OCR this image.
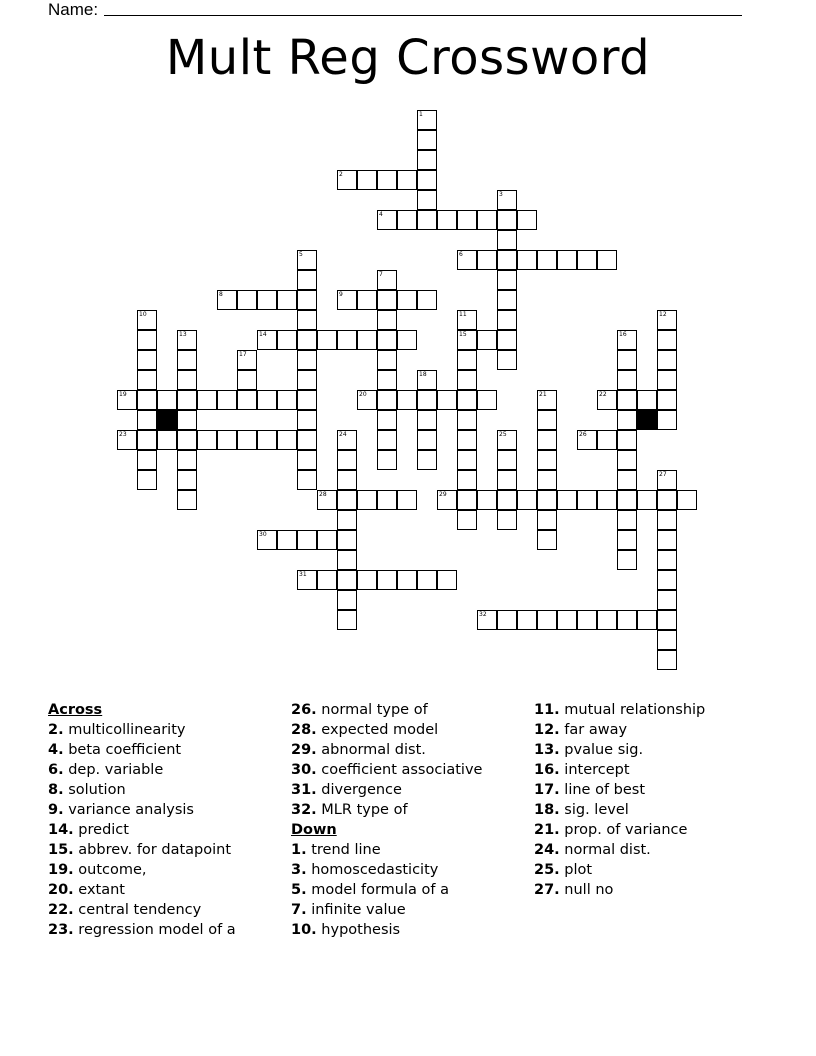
Name:
Mult Reg Crossword
1
3
5
7
10	11
15
12
13	16
17
18
21
24	25
27
2
4
6
8	9
14
19	20	22
23	26
28	29
30
31
32
Across
2. multicollinearity
4. beta coefficient
6. dep. variable
8. solution
9. variance analysis
14. predict
15. abbrev. for datapoint
19. outcome,
20. extant
22. central tendency
23. regression model of a
26. normal type of
28. expected model
29. abnormal dist.
30. coefficient associative
31. divergence
32. MLR type of
Down
1. trend line
3. homoscedasticity
5. model formula of a
7. infinite value
10. hypothesis
11. mutual relationship
12. far away
13. pvalue sig.
16. intercept
17. line of best
18. sig. level
21. prop. of variance
24. normal dist.
25. plot
27. null no
